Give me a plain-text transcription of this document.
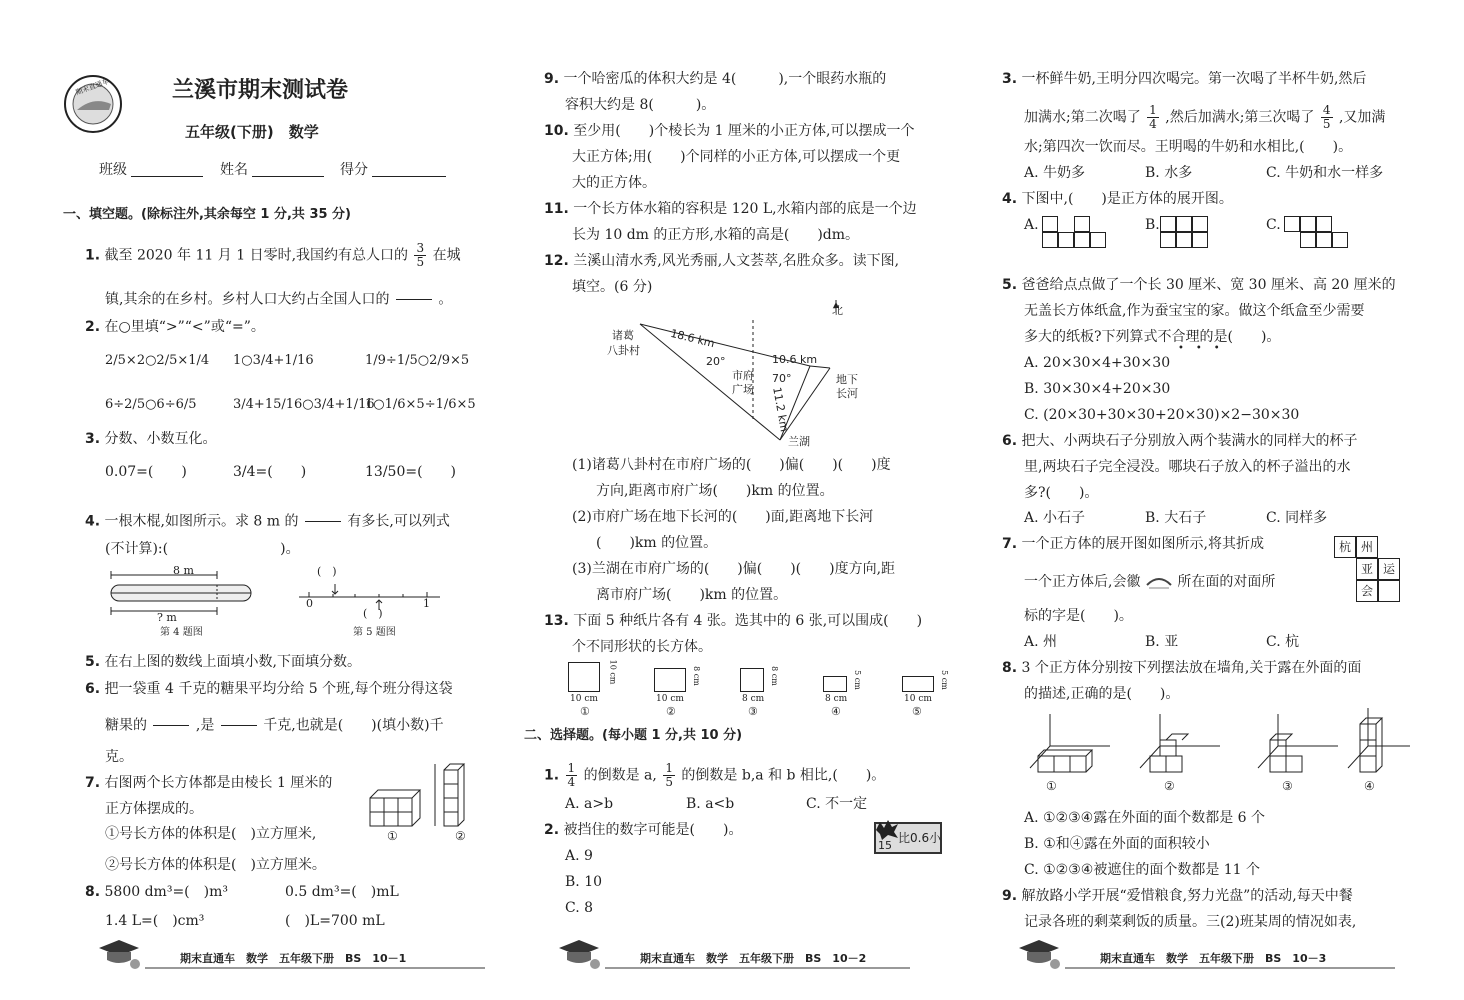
期末直通车	兰溪市期末测试卷
五年级(下册)　数学
班级	姓名	得分
一、填空题。(除标注外,其余每空 1 分,共 35 分)
1. 截至 2020 年 11 月 1 日零时,我国约有总人口的 $\frac{3}{5}$ 在城
镇,其余的在乡村。乡村人口大约占全国人口的

	。
2. 在○里填“>”“<”或“=”。
2/5×2○2/5×1/4 1○3/4+1/16	1/9÷1/5○2/9×5
6÷2/5○6÷6/5	3/4+15/16○3/4+1/16
1○1/6×5÷1/6×5
3. 分数、小数互化。
0.07=(　　)	3/4=(　　)	13/50=(　　)
4. 一根木棍,如图所示。求 8 m 的

	有多长,可以列式
(不计算):(　　　　　　　　)。
8 m
? m
第 4 题图
(　)
0	1
(　)
第 5 题图
5. 在右上图的数线上面填小数,下面填分数。
6. 把一袋重 4 千克的糖果平均分给 5 个班,每个班分得这袋
糖果的

	,是

	千克,也就是(　　)(填小数)千
克。
7. 右图两个长方体都是由棱长 1 厘米的
正方体摆成的。
①号长方体的体积是(　)立方厘米,
②号长方体的体积是(　)立方厘米。
①	②
8. 5800 dm³=(　)m³	0.5 dm³=(　)mL
1.4 L=(　)cm³	(　)L=700 mL
期末直通车　数学　五年级下册　BS　10－1
9. 一个哈密瓜的体积大约是 4(　　　),一个眼药水瓶的
容积大约是 8(　　　)。
10. 至少用(　　)个棱长为 1 厘米的小正方体,可以摆成一个
大正方体;用(　　)个同样的小正方体,可以摆成一个更
大的正方体。
11. 一个长方体水箱的容积是 120 L,水箱内部的底是一个边
长为 10 dm 的正方形,水箱的高是(　　)dm。
12. 兰溪山清水秀,风光秀丽,人文荟萃,名胜众多。读下图,
填空。(6 分)
北
诸葛
八卦村
18.6 km
20°	10.6 km
市府
广场
70°	地下
长河
11.2 km
兰湖
(1)诸葛八卦村在市府广场的(　　)偏(　　)(　　)度
方向,距离市府广场(　　)km 的位置。
(2)市府广场在地下长河的(　　)面,距离地下长河
(　　)km 的位置。
(3)兰湖在市府广场的(　　)偏(　　)(　　)度方向,距
离市府广场(　　)km 的位置。
13. 下面 5 种纸片各有 4 张。选其中的 6 张,可以围成(　　)
个不同形状的长方体。
10 cm
10 cm
①
8 cm
10 cm
②
8 cm
8 cm
③
5 cm
8 cm
④
5 cm
10 cm
⑤
二、选择题。(每小题 1 分,共 10 分)
1. $\frac{1}{4}$ 的倒数是 a, $\frac{1}{5}$ 的倒数是 b,a 和 b 相比,(　　)。
A. a>b	B. a<b	C. 不一定
2. 被挡住的数字可能是(　　)。
15
比0.6小
A. 9
B. 10
C. 8
期末直通车　数学　五年级下册　BS　10－2
3. 一杯鲜牛奶,王明分四次喝完。第一次喝了半杯牛奶,然后
加满水;第二次喝了 $\frac{1}{4}$ ,然后加满水;第三次喝了 $\frac{4}{5}$ ,又加满
水;第四次一饮而尽。王明喝的牛奶和水相比,(　　)。
A. 牛奶多	B. 水多	C. 牛奶和水一样多
4. 下图中,(　　)是正方体的展开图。
A.	B.	C.
5. 爸爸给点点做了一个长 30 厘米、宽 30 厘米、高 20 厘米的
无盖长方体纸盒,作为蚕宝宝的家。做这个纸盒至少需要
多大的纸板?下列算式不合理的是(　　)。
•••
A. 20×30×4+30×30
B. 30×30×4+20×30
C. (20×30+30×30+20×30)×2−30×30
6. 把大、小两块石子分别放入两个装满水的同样大的杯子
里,两块石子完全浸没。哪块石子放入的杯子溢出的水
多?(　　)。
A. 小石子	B. 大石子	C. 同样多
7. 一个正方体的展开图如图所示,将其折成
一个正方体后,会徽	所在面的对面所
标的字是(　　)。
杭 州
亚 运
会
A. 州	B. 亚	C. 杭
8. 3 个正方体分别按下列摆法放在墙角,关于露在外面的面
的描述,正确的是(　　)。
①	②	③	④
A. ①②③④露在外面的面个数都是 6 个
B. ①和④露在外面的面积较小
C. ①②③④被遮住的面个数都是 11 个
9. 解放路小学开展“爱惜粮食,努力光盘”的活动,每天中餐
记录各班的剩菜剩饭的质量。三(2)班某周的情况如表,
期末直通车　数学　五年级下册　BS　10－3
